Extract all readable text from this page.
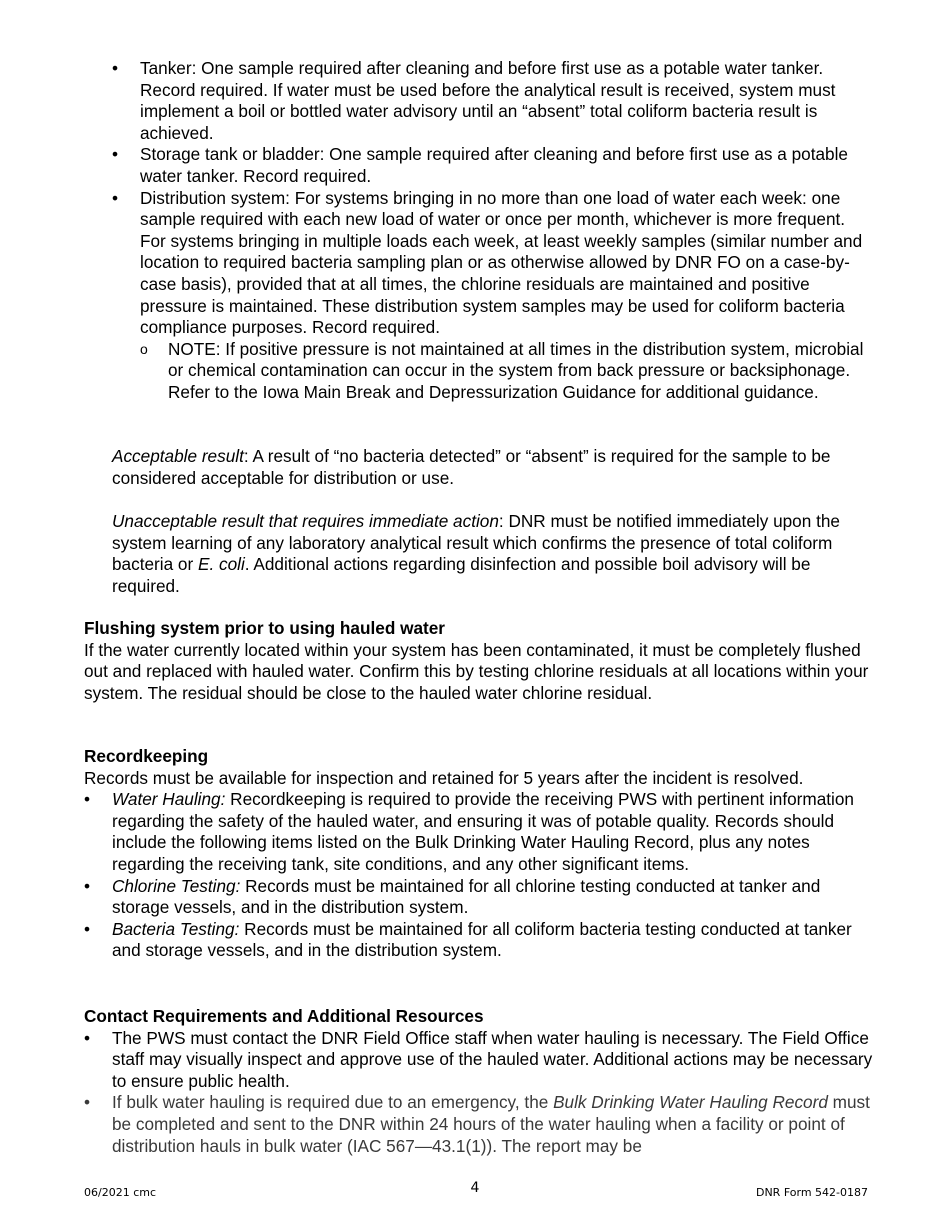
•	Tanker: One sample required after cleaning and before first use as a potable water tanker. Record required. If water must be used before the analytical result is received, system must implement a boil or bottled water advisory until an “absent” total coliform bacteria result is achieved.
•	Storage tank or bladder: One sample required after cleaning and before first use as a potable water tanker. Record required.
•	Distribution system: For systems bringing in no more than one load of water each week: one sample required with each new load of water or once per month, whichever is more frequent. For systems bringing in multiple loads each week, at least weekly samples (similar number and location to required bacteria sampling plan or as otherwise allowed by DNR FO on a case-by-case basis), provided that at all times, the chlorine residuals are maintained and positive pressure is maintained. These distribution system samples may be used for coliform bacteria compliance purposes. Record required.
o	NOTE: If positive pressure is not maintained at all times in the distribution system, microbial or chemical contamination can occur in the system from back pressure or backsiphonage. Refer to the Iowa Main Break and Depressurization Guidance for additional guidance.
Acceptable result: A result of “no bacteria detected” or “absent” is required for the sample to be considered acceptable for distribution or use.
Unacceptable result that requires immediate action: DNR must be notified immediately upon the system learning of any laboratory analytical result which confirms the presence of total coliform bacteria or E. coli. Additional actions regarding disinfection and possible boil advisory will be required.
Flushing system prior to using hauled water
If the water currently located within your system has been contaminated, it must be completely flushed out and replaced with hauled water. Confirm this by testing chlorine residuals at all locations within your system. The residual should be close to the hauled water chlorine residual.
Recordkeeping
Records must be available for inspection and retained for 5 years after the incident is resolved.
•	Water Hauling: Recordkeeping is required to provide the receiving PWS with pertinent information regarding the safety of the hauled water, and ensuring it was of potable quality. Records should include the following items listed on the Bulk Drinking Water Hauling Record, plus any notes regarding the receiving tank, site conditions, and any other significant items.
•	Chlorine Testing: Records must be maintained for all chlorine testing conducted at tanker and storage vessels, and in the distribution system.
•	Bacteria Testing: Records must be maintained for all coliform bacteria testing conducted at tanker and storage vessels, and in the distribution system.
Contact Requirements and Additional Resources
•	The PWS must contact the DNR Field Office staff when water hauling is necessary. The Field Office staff may visually inspect and approve use of the hauled water. Additional actions may be necessary to ensure public health.
•	If bulk water hauling is required due to an emergency, the Bulk Drinking Water Hauling Record must be completed and sent to the DNR within 24 hours of the water hauling when a facility or point of distribution hauls in bulk water (IAC 567—43.1(1)). The report may be
06/2021 cmc	4	DNR Form 542-0187
